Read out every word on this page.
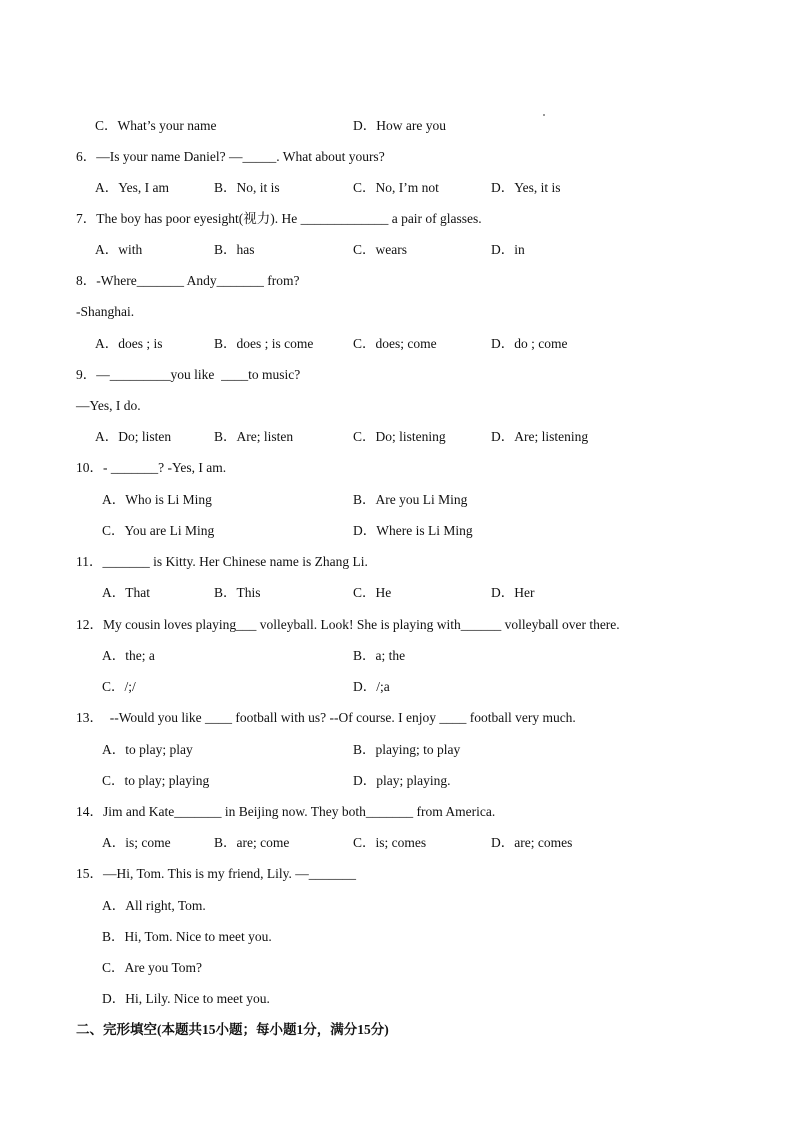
C．What’s your name	D．How are you
6．—Is your name Daniel? —_____. What about yours?
A．Yes, I am	B．No, it is	C．No, I’m not	D．Yes, it is
7．The boy has poor eyesight(视力). He _____________ a pair of glasses.
A．with	B．has	C．wears	D．in
8．-Where_______ Andy_______ from?
-Shanghai.
A．does ; is	B．does ; is come	C．does; come	D．do ; come
9．—_________you like  ____to music?
—Yes, I do.
A．Do; listen	B．Are; listen	C．Do; listening	D．Are; listening
10．- _______? -Yes, I am.
A．Who is Li Ming	B．Are you Li Ming
C．You are Li Ming	D．Where is Li Ming
11．_______ is Kitty. Her Chinese name is Zhang Li.
A．That	B．This	C．He	D．Her
12．My cousin loves playing___ volleyball. Look! She is playing with______ volleyball over there.
A．the; a	B．a; the
C．/;/	D．/;a
13．  --Would you like ____ football with us? --Of course. I enjoy ____ football very much.
A．to play; play	B．playing; to play
C．to play; playing	D．play; playing.
14．Jim and Kate_______ in Beijing now. They both_______ from America.
A．is; come	B．are; come	C．is; comes	D．are; comes
15．—Hi, Tom. This is my friend, Lily. —_______
A．All right, Tom.
B．Hi, Tom. Nice to meet you.
C．Are you Tom?
D．Hi, Lily. Nice to meet you.
二、完形填空(本题共15小题；每小题1分，满分15分)
